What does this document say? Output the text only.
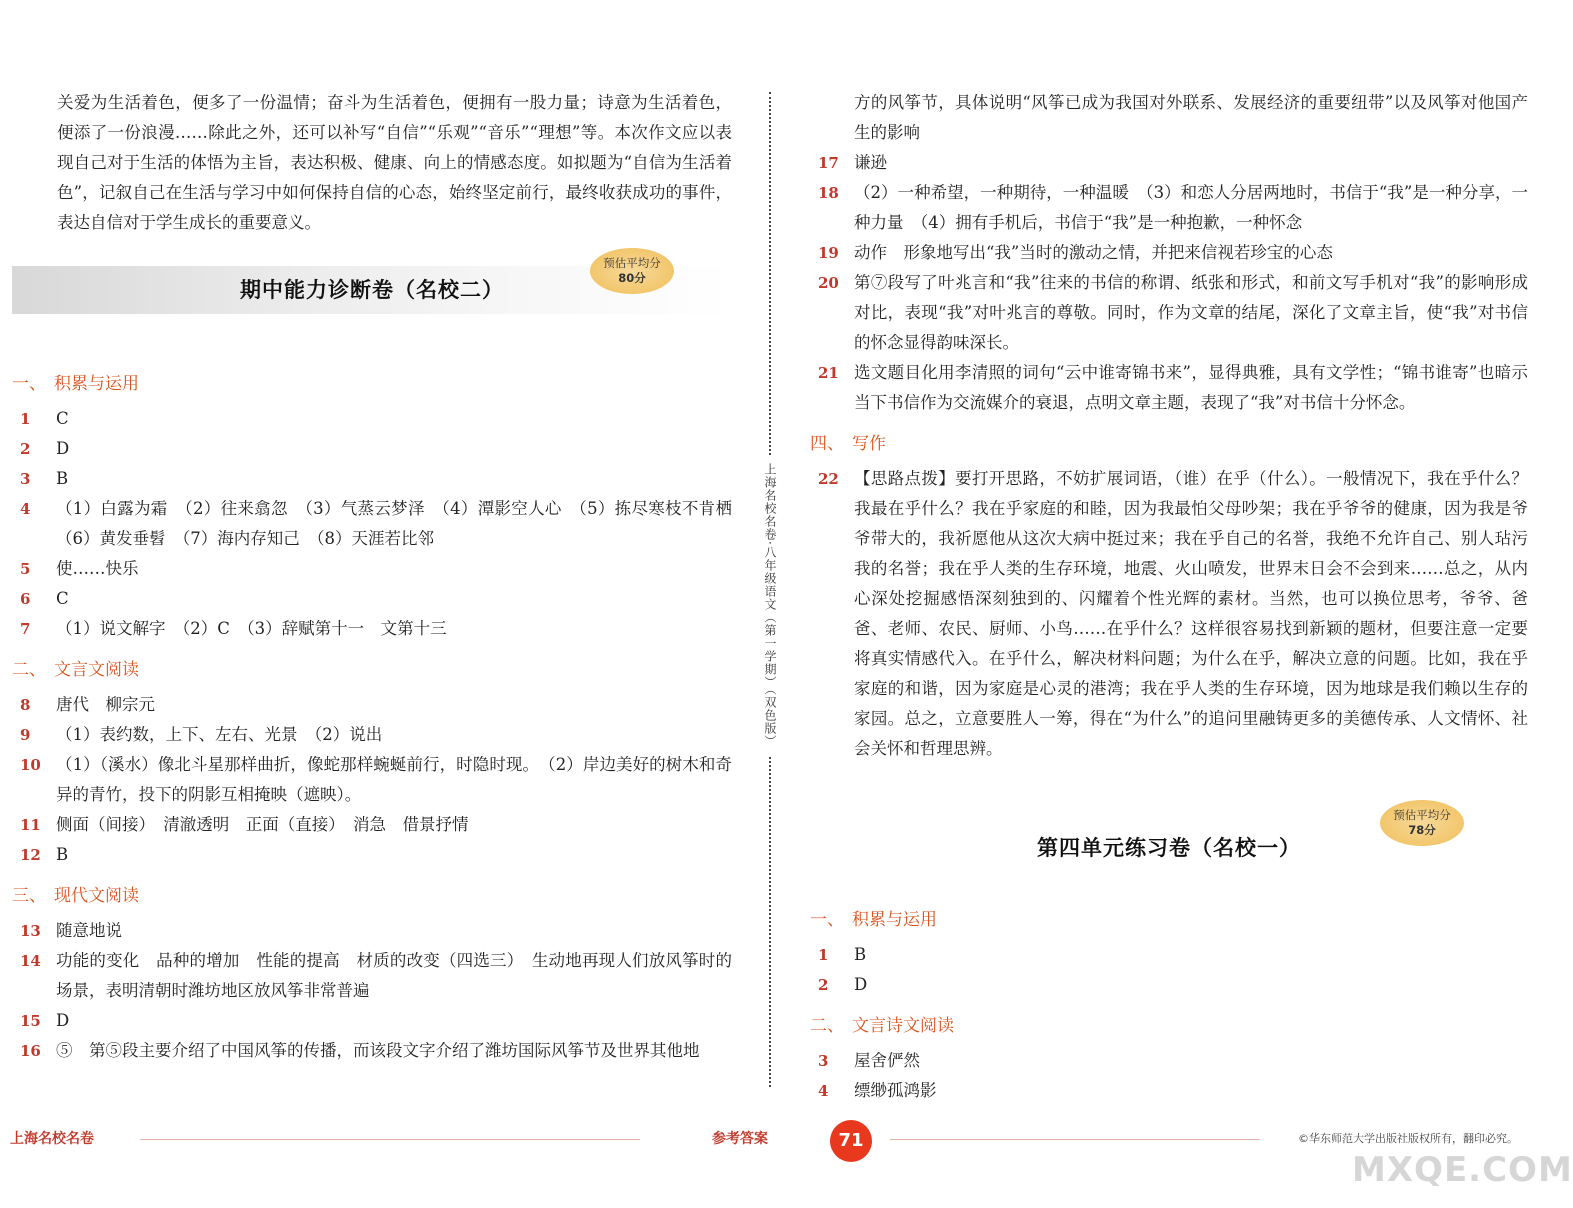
关爱为生活着色，便多了一份温情；奋斗为生活着色，便拥有一股力量；诗意为生活着色，便添了一份浪漫……除此之外，还可以补写“自信”“乐观”“音乐”“理想”等。本次作文应以表现自己对于生活的体悟为主旨，表达积极、健康、向上的情感态度。如拟题为“自信为生活着色”，记叙自己在生活与学习中如何保持自信的心态，始终坚定前行，最终收获成功的事件，表达自信对于学生成长的重要意义。

期中能力诊断卷（名校二）
预估平均分
80分
一、 积累与运用
1	C
2	D
3	B
4	（1）白露为霜　（2）往来翕忽　（3）气蒸云梦泽　（4）潭影空人心　（5）拣尽寒枝不肯栖　（6）黄发垂髫　（7）海内存知己　（8）天涯若比邻
5	使……快乐
6	C
7	（1）说文解字　（2）C　（3）辞赋第十一　文第十三
二、 文言文阅读
8	唐代　柳宗元
9	（1）表约数，上下、左右、光景　（2）说出
10 （1）（溪水）像北斗星那样曲折，像蛇那样蜿蜒前行，时隐时现。　（2）岸边美好的树木和奇异的青竹，投下的阴影互相掩映（遮映）。
11 侧面（间接）　清澈透明　正面（直接）　消急　借景抒情
12 B
三、 现代文阅读
13 随意地说
14 功能的变化　品种的增加　性能的提高　材质的改变（四选三）　生动地再现人们放风筝时的场景，表明清朝时潍坊地区放风筝非常普遍
15 D
16 ⑤　第⑤段主要介绍了中国风筝的传播，而该段文字介绍了潍坊国际风筝节及世界其他地
上海名校名卷·八年级语文（第一学期）（双色版）
方的风筝节，具体说明“风筝已成为我国对外联系、发展经济的重要纽带”以及风筝对他国产生的影响
17 谦逊
18 （2）一种希望，一种期待，一种温暖　（3）和恋人分居两地时，书信于“我”是一种分享，一种力量　（4）拥有手机后，书信于“我”是一种抱歉，一种怀念
19 动作　形象地写出“我”当时的激动之情，并把来信视若珍宝的心态
20 第⑦段写了叶兆言和“我”往来的书信的称谓、纸张和形式，和前文写手机对“我”的影响形成对比，表现“我”对叶兆言的尊敬。同时，作为文章的结尾，深化了文章主旨，使“我”对书信的怀念显得韵味深长。
21 选文题目化用李清照的词句“云中谁寄锦书来”，显得典雅，具有文学性；“锦书谁寄”也暗示当下书信作为交流媒介的衰退，点明文章主题，表现了“我”对书信十分怀念。
四、 写作
22 【思路点拨】要打开思路，不妨扩展词语，（谁）在乎（什么）。一般情况下，我在乎什么？我最在乎什么？我在乎家庭的和睦，因为我最怕父母吵架；我在乎爷爷的健康，因为我是爷爷带大的，我祈愿他从这次大病中挺过来；我在乎自己的名誉，我绝不允许自己、别人玷污我的名誉；我在乎人类的生存环境，地震、火山喷发，世界末日会不会到来……总之，从内心深处挖掘感悟深刻独到的、闪耀着个性光辉的素材。当然，也可以换位思考，爷爷、爸爸、老师、农民、厨师、小鸟……在乎什么？这样很容易找到新颖的题材，但要注意一定要将真实情感代入。在乎什么，解决材料问题；为什么在乎，解决立意的问题。比如，我在乎家庭的和谐，因为家庭是心灵的港湾；我在乎人类的生存环境，因为地球是我们赖以生存的家园。总之，立意要胜人一筹，得在“为什么”的追问里融铸更多的美德传承、人文情怀、社会关怀和哲理思辨。
第四单元练习卷（名校一）
预估平均分
78分
一、 积累与运用
1	B
2	D
二、 文言诗文阅读
3	屋舍俨然
4	缥缈孤鸿影
上海名校名卷	参考答案	71	©华东师范大学出版社版权所有，翻印必究。
MXQE.COM
